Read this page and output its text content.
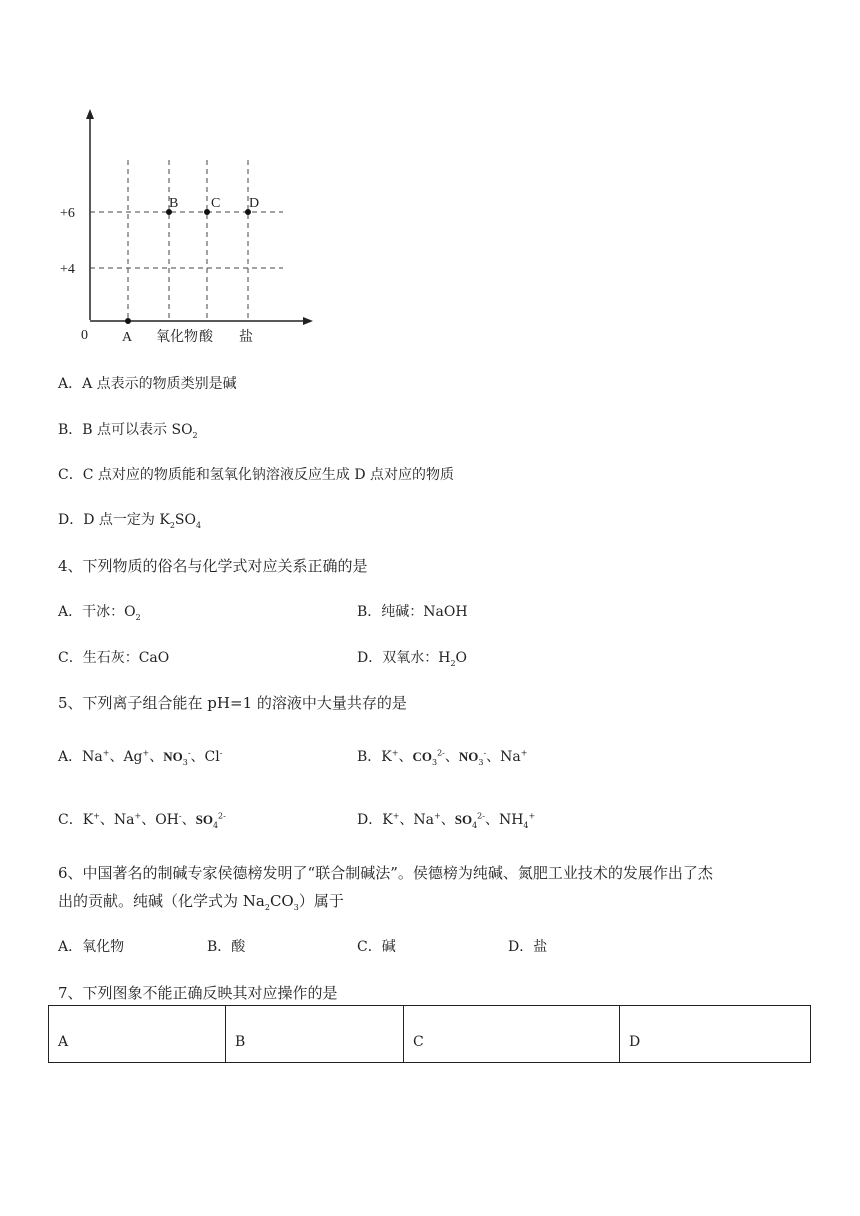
+6
+4
0 A 氧化物 酸 盐
B C D
A．A 点表示的物质类别是碱
B．B 点可以表示 $SO_2$
C．C 点对应的物质能和氢氧化钠溶液反应生成 D 点对应的物质
D．D 点一定为 $K_2SO_4$
4、下列物质的俗名与化学式对应关系正确的是
A．干冰：$O_2$	B．纯碱：NaOH
C．生石灰：CaO	D．双氧水：$H_2O$
5、下列离子组合能在 pH=1 的溶液中大量共存的是
A．Na+、Ag+、$NO_3^-$、Cl-	B．K+、$CO_3^{2-}$、$NO_3^-$、Na+
C．K+、Na+、OH-、$SO_4^{2-}$	D．K+、Na+、$SO_4^{2-}$、$NH_4^+$
6、中国著名的制碱专家侯德榜发明了“联合制碱法”。侯德榜为纯碱、氮肥工业技术的发展作出了杰
出的贡献。纯碱（化学式为 $Na_2CO_3$）属于
A．氧化物	B．酸	C．碱	D．盐
7、下列图象不能正确反映其对应操作的是
A	B	C	D
